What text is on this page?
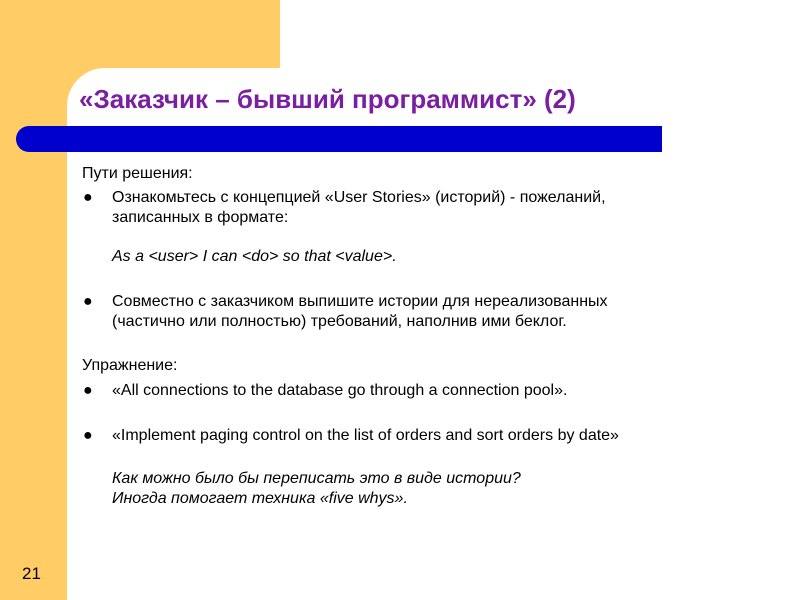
«Заказчик – бывший программист» (2)

Пути решения:

● Ознакомьтесь с концепцией «User Stories» (историй) - пожеланий,

записанных в формате:

As a <user> I can <do> so that <value>.

● Совместно с заказчиком выпишите истории для нереализованных

(частично или полностью) требований, наполнив ими беклог.

Упражнение:

● «All connections to the database go through a connection pool».

● «Implement paging control on the list of orders and sort orders by date»

Как можно было бы переписать это в виде истории?

Иногда помогает техника «five whys».

21
